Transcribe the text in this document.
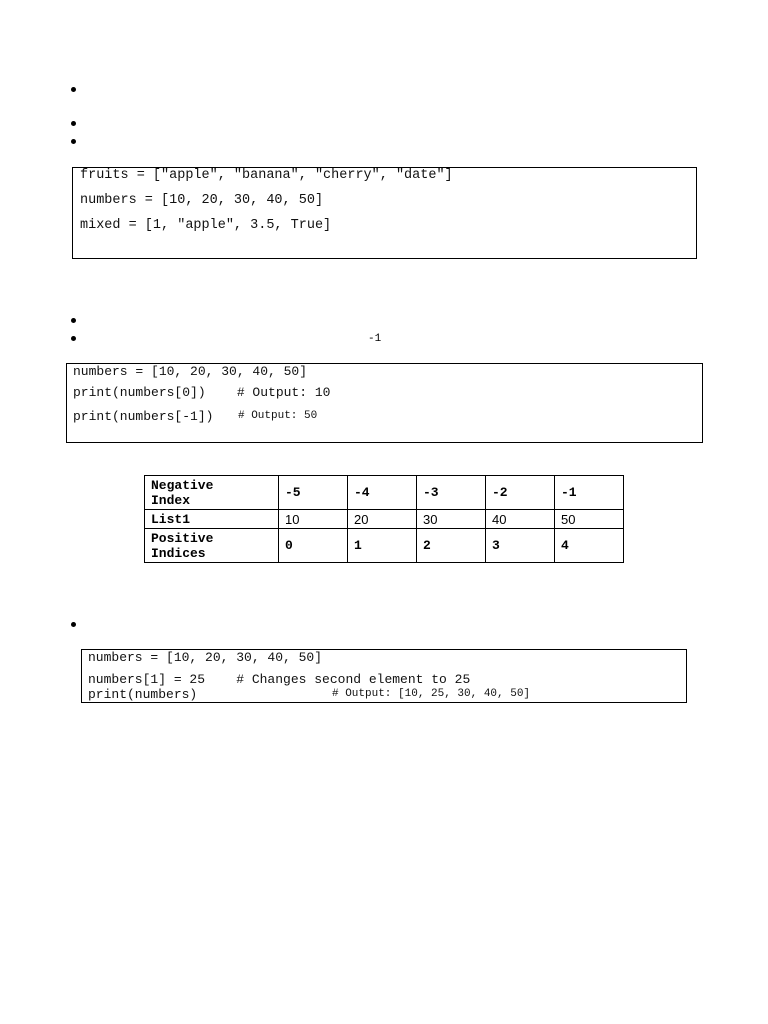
fruits = ["apple", "banana", "cherry", "date"]
numbers = [10, 20, 30, 40, 50]
mixed = [1, "apple", 3.5, True]
-1
numbers = [10, 20, 30, 40, 50]
print(numbers[0])    # Output: 10
print(numbers[-1]) # Output: 50
Negative
Index	-5	-4	-3	-2	-1

List1	10	20	30	40	50

Positive
Indices	0	1	2	3	4
numbers = [10, 20, 30, 40, 50]
numbers[1] = 25    # Changes second element to 25
print(numbers)	# Output: [10, 25, 30, 40, 50]
